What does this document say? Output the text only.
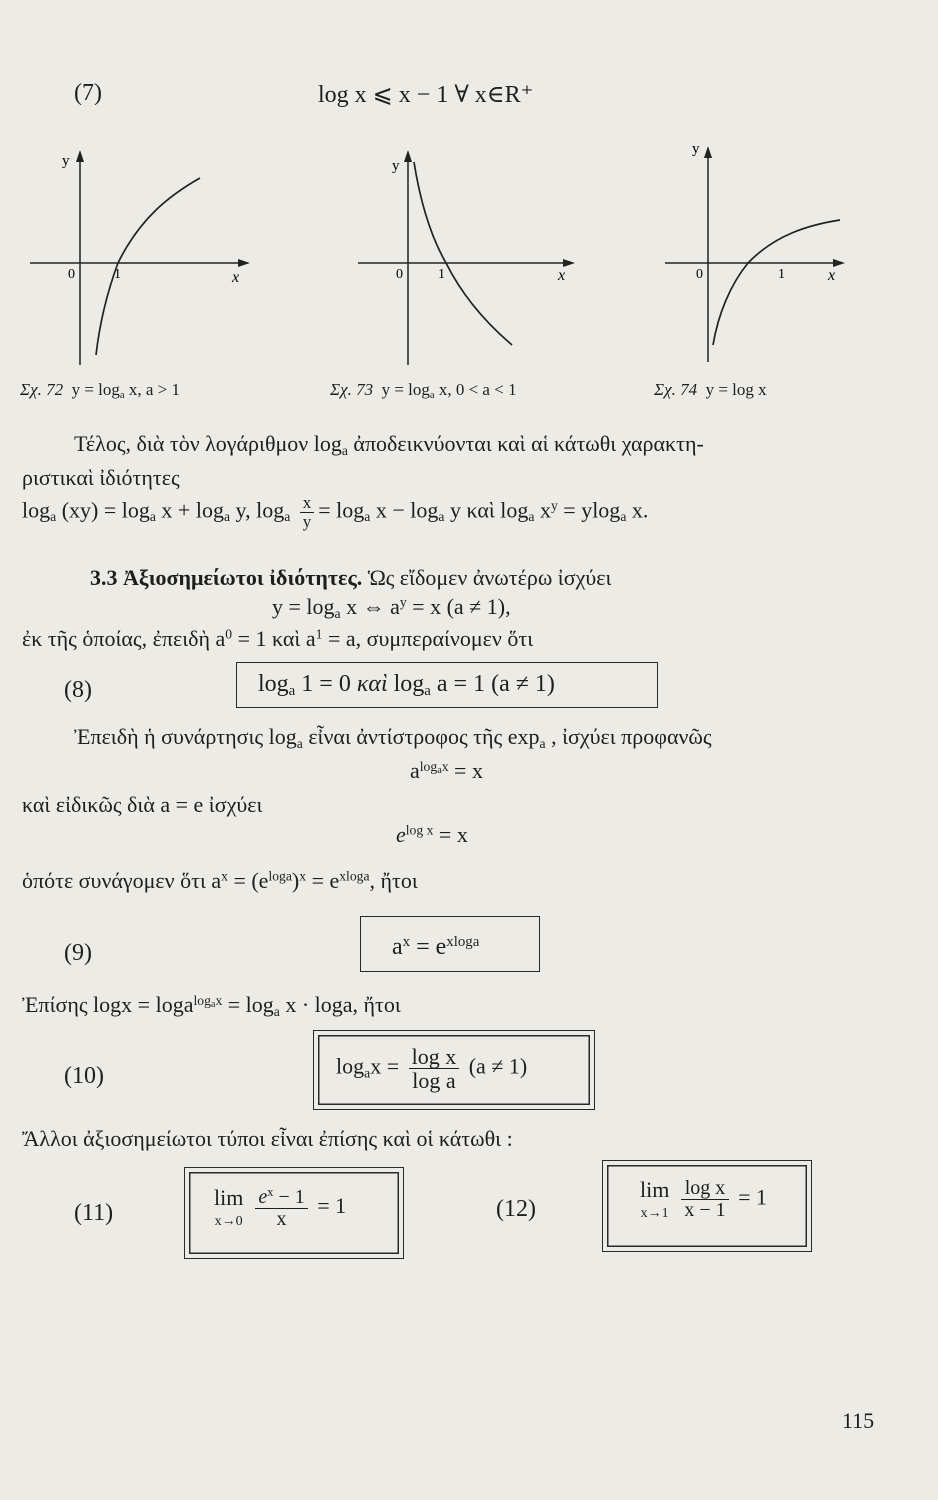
(7)	log x ⩽ x − 1 ∀ x∈R⁺
y
x
0	1
y
x
0	1
y
x
0	1
Σχ. 72 $y = \log_a x$, a > 1	Σχ. 73 $y = \log_a x$, 0 < a < 1	Σχ. 74 y = log x
Τέλος, διὰ τὸν λογάριθμον $\log_a$ ἀποδεικνύονται καὶ αἱ κάτωθι χαρακτη-
ριστικαὶ ἰδιότητες
$\log_a (xy) = \log_a x + \log_a y$, $\log_a \frac{x}{y} = \log_a x - \log_a y$ καὶ $\log_a x^y = ylog_a$ x.
3.3 Ἀξιοσημείωτοι ἰδιότητες. Ὡς εἴδομεν ἀνωτέρω ἰσχύει
$y = \log_a x$ ⇔ $a^y = x$ (a ≠ 1),
ἐκ τῆς ὁποίας, ἐπειδὴ $a^0 = 1$ καὶ $a^1 = a$, συμπεραίνομεν ὅτι
(8)	$\log_a 1 = 0$ καὶ $\log_a a = 1$ (a ≠ 1)
Ἐπειδὴ ἡ συνάρτησις $\log_a$ εἶναι ἀντίστροφος τῆς $\exp_a$ , ἰσχύει προφανῶς
$a^{logax} = x$
καὶ εἰδικῶς διὰ a = e ἰσχύει
$e^{log x} = x$
ὁπότε συνάγομεν ὅτι $a^x = (e^{loga})^x = e^{xloga}$, ἤτοι
(9)	$a^x = e^{xloga}$
Ἐπίσης $\log x = \log a^{logax} = \log_a x \cdot \log a$, ἤτοι
(10)	$\log_ax = \frac{\text{log x}}{\text{log a}} (a \ne 1)$
Ἄλλοι ἀξιοσημείωτοι τύποι εἶναι ἐπίσης καὶ οἱ κάτωθι :
(11)
lim
$x\to 0 \frac{e^x - 1}{x} = 1$	(12)
lim
$x\to 1 \frac{\text{log x}}{x - 1} = 1$
115
